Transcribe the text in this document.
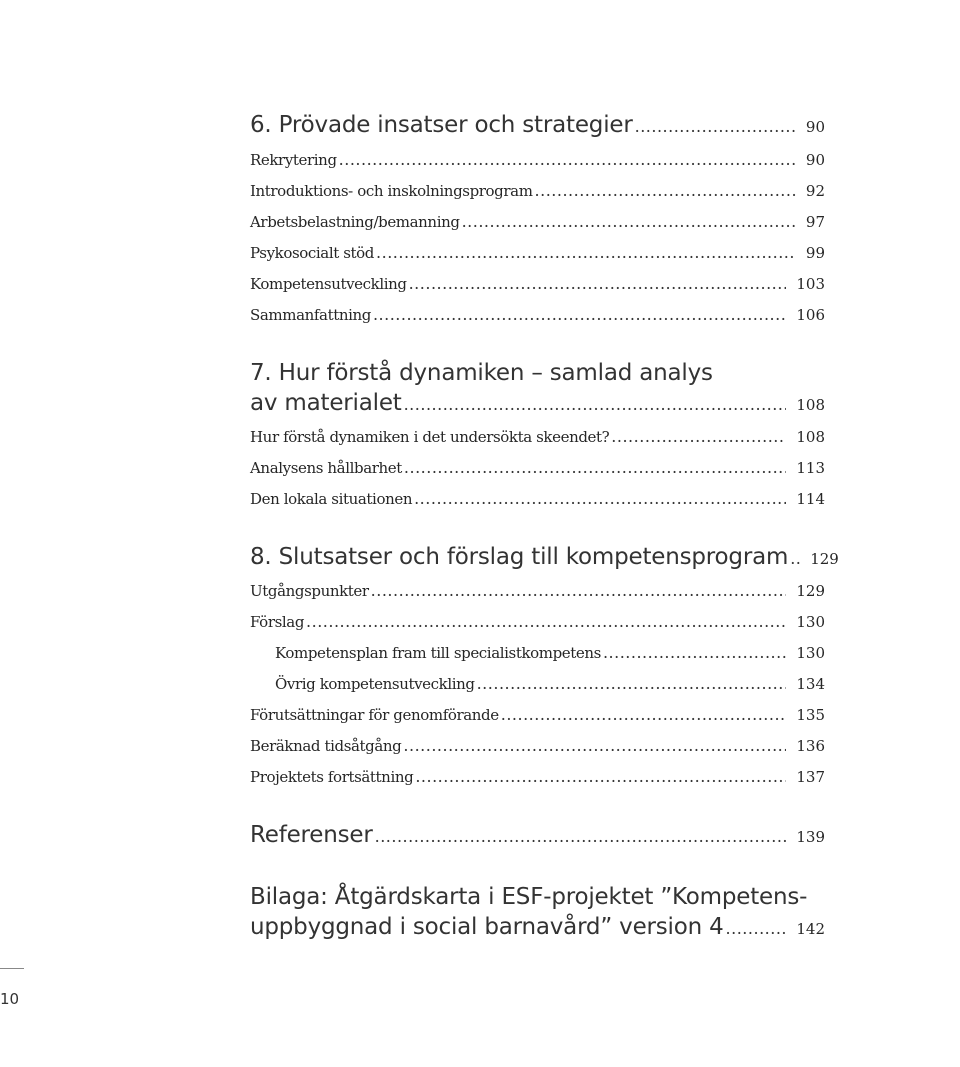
6. Prövade insatser och strategier .....	90
Rekrytering .....	90
Introduktions- och inskolningsprogram .....	92
Arbetsbelastning/bemanning .....	97
Psykosocialt stöd .....	99
Kompetensutveckling .....	103
Sammanfattning .....	106
7. Hur förstå dynamiken – samlad analys
av materialet .....	108
Hur förstå dynamiken i det undersökta skeendet? .....	108
Analysens hållbarhet .....	113
Den lokala situationen .....	114
8. Slutsatser och förslag till kompetensprogram .....	129
Utgångspunkter .....	129
Förslag .....	130
Kompetensplan fram till specialistkompetens .....	130
Övrig kompetensutveckling .....	134
Förutsättningar för genomförande .....	135
Beräknad tidsåtgång .....	136
Projektets fortsättning .....	137
Referenser .....	139
Bilaga: Åtgärdskarta i ESF-projektet ”Kompetens-
uppbyggnad i social barnavård” version 4 .....	142
10
